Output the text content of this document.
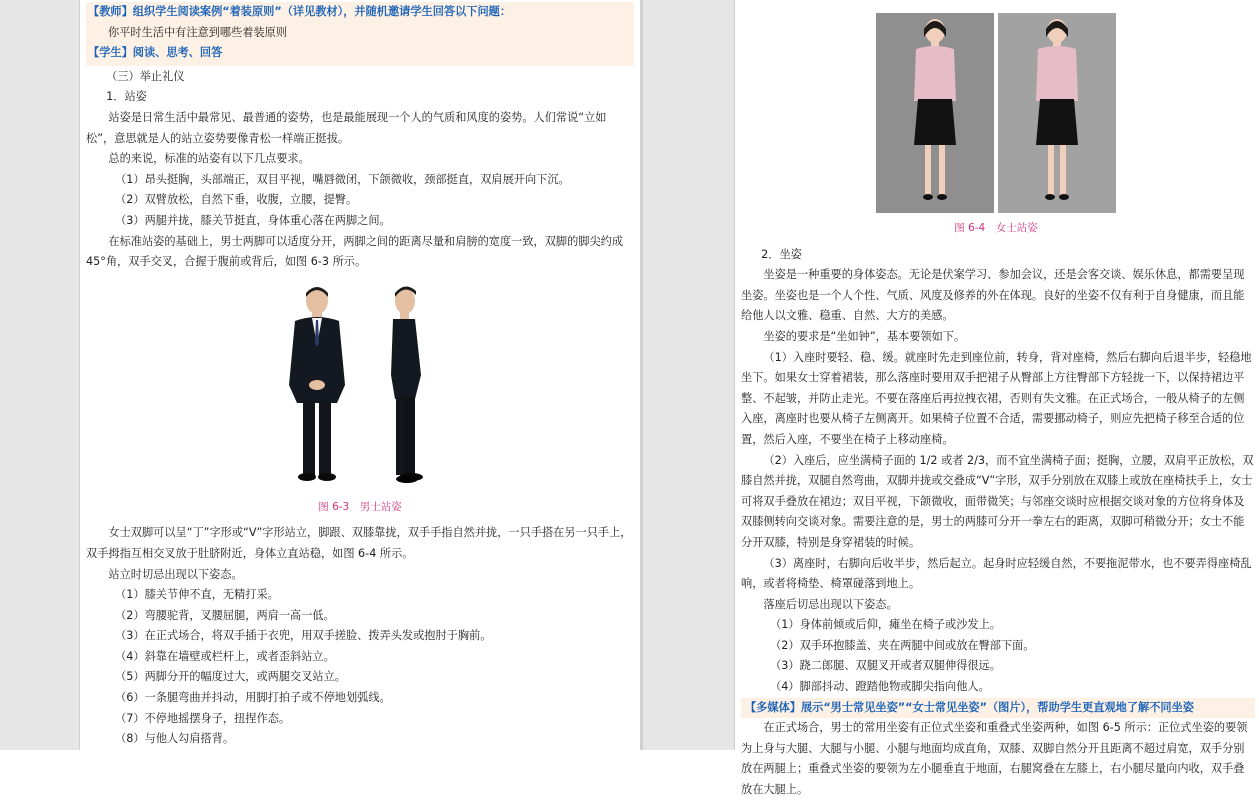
【教师】组织学生阅读案例“着装原则”（详见教材），并随机邀请学生回答以下问题：

你平时生活中有注意到哪些着装原则

【学生】阅读、思考、回答

（三）举止礼仪

1．站姿

站姿是日常生活中最常见、最普通的姿势，也是最能展现一个人的气质和风度的姿势。人们常说“立如松”，意思就是人的站立姿势要像青松一样端正挺拔。

总的来说，标准的站姿有以下几点要求。

（1）昂头挺胸，头部端正，双目平视，嘴唇微闭，下颌微收，颈部挺直，双肩展开向下沉。

（2）双臂放松，自然下垂，收腹，立腰，提臀。

（3）两腿并拢，膝关节挺直，身体重心落在两脚之间。

在标准站姿的基础上，男士两脚可以适度分开，两脚之间的距离尽量和肩膀的宽度一致，双脚的脚尖约成45°角，双手交叉，合握于腹前或背后，如图 6-3 所示。

图 6-3　男士站姿

女士双脚可以呈“丁”字形或“V”字形站立，脚跟、双膝靠拢，双手手指自然并拢，一只手搭在另一只手上，双手拇指互相交叉放于肚脐附近，身体立直站稳，如图 6-4 所示。

站立时切忌出现以下姿态。

（1）膝关节伸不直，无精打采。

（2）弯腰驼背，叉腰屈腿，两肩一高一低。

（3）在正式场合，将双手插于衣兜，用双手搓脸、拨弄头发或抱肘于胸前。

（4）斜靠在墙壁或栏杆上，或者歪斜站立。

（5）两脚分开的幅度过大，或两腿交叉站立。

（6）一条腿弯曲并抖动，用脚打拍子或不停地划弧线。

（7）不停地摇摆身子，扭捏作态。

（8）与他人勾肩搭背。

图 6-4　女士站姿

2．坐姿

坐姿是一种重要的身体姿态。无论是伏案学习、参加会议，还是会客交谈、娱乐休息，都需要呈现坐姿。坐姿也是一个人个性、气质、风度及修养的外在体现。良好的坐姿不仅有利于自身健康，而且能给他人以文雅、稳重、自然、大方的美感。

坐姿的要求是“坐如钟”，基本要领如下。

（1）入座时要轻、稳、缓。就座时先走到座位前，转身，背对座椅，然后右脚向后退半步，轻稳地坐下。如果女士穿着裙装，那么落座时要用双手把裙子从臀部上方往臀部下方轻拢一下，以保持裙边平整、不起皱，并防止走光。不要在落座后再拉拽衣裙，否则有失文雅。在正式场合，一般从椅子的左侧入座，离座时也要从椅子左侧离开。如果椅子位置不合适，需要挪动椅子，则应先把椅子移至合适的位置，然后入座，不要坐在椅子上移动座椅。

（2）入座后，应坐满椅子面的 1/2 或者 2/3，而不宜坐满椅子面；挺胸，立腰，双肩平正放松，双膝自然并拢，双腿自然弯曲，双脚并拢或交叠成“V”字形，双手分别放在双膝上或放在座椅扶手上，女士可将双手叠放在裙边；双目平视，下颌微收，面带微笑；与邻座交谈时应根据交谈对象的方位将身体及双膝侧转向交谈对象。需要注意的是，男士的两膝可分开一拳左右的距离，双脚可稍微分开；女士不能分开双膝，特别是身穿裙装的时候。

（3）离座时，右脚向后收半步，然后起立。起身时应轻缓自然，不要拖泥带水，也不要弄得座椅乱响，或者将椅垫、椅罩碰落到地上。

落座后切忌出现以下姿态。

（1）身体前倾或后仰，瘫坐在椅子或沙发上。

（2）双手环抱膝盖、夹在两腿中间或放在臀部下面。

（3）跷二郎腿、双腿叉开或者双腿伸得很远。

（4）脚部抖动、蹬踏他物或脚尖指向他人。

【多媒体】展示“男士常见坐姿”“女士常见坐姿”（图片），帮助学生更直观地了解不同坐姿

在正式场合，男士的常用坐姿有正位式坐姿和重叠式坐姿两种，如图 6-5 所示：正位式坐姿的要领为上身与大腿、大腿与小腿、小腿与地面均成直角，双膝、双脚自然分开且距离不超过肩宽，双手分别放在两腿上；重叠式坐姿的要领为左小腿垂直于地面，右腿窝叠在左膝上，右小腿尽量向内收，双手叠放在大腿上。
